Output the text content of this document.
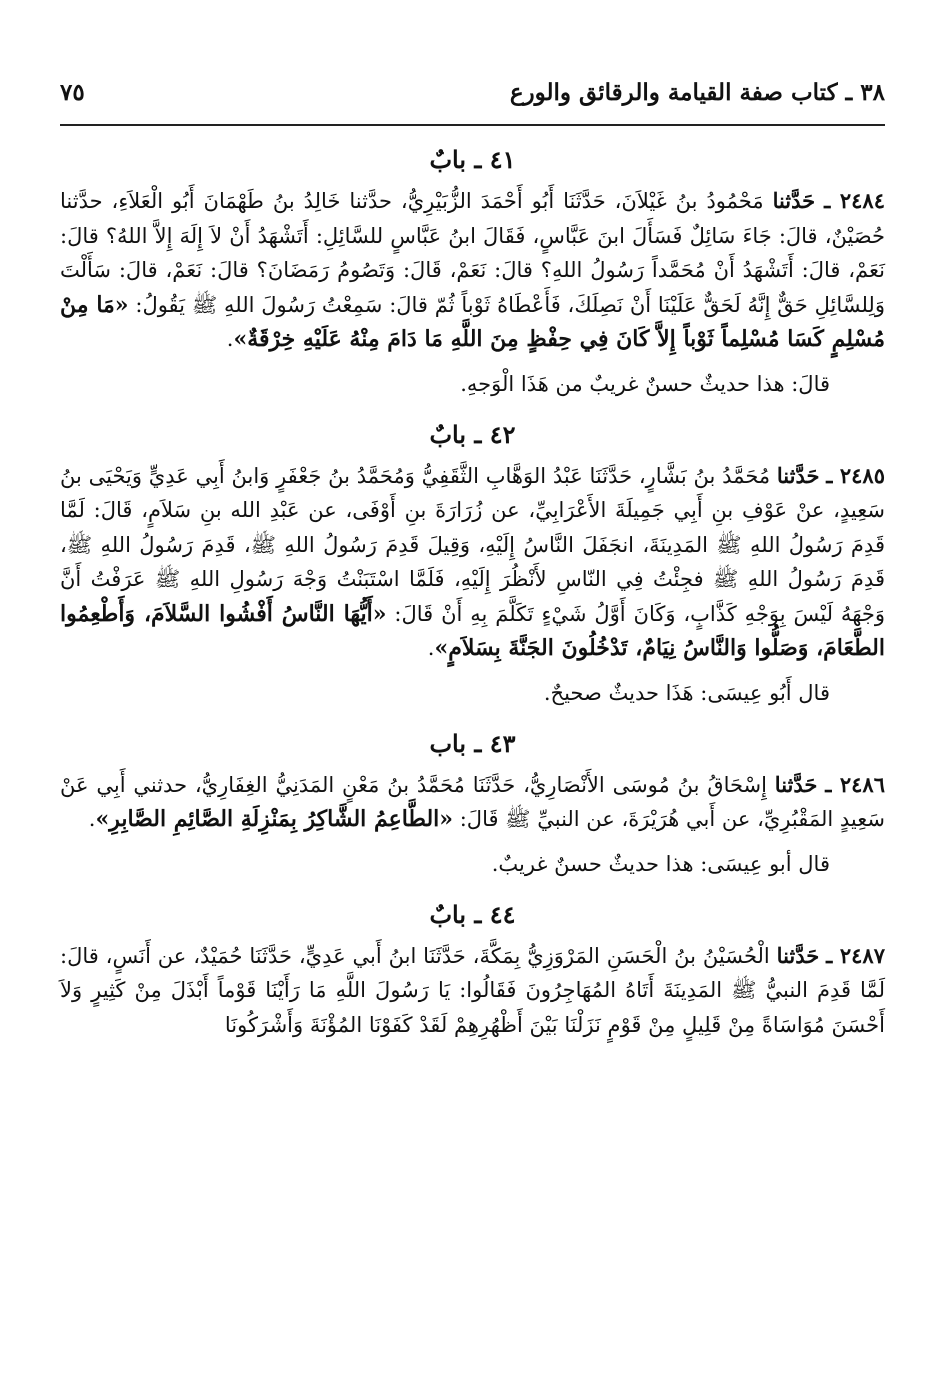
٣٨ ـ كتاب صفة القيامة والرقائق والورع
٧٥
٤١ ـ بابٌ

٢٤٨٤ ـ حَدَّثنا مَحْمُودُ بنُ غَيْلاَنَ، حَدَّثَنَا أَبُو أَحْمَدَ الزُّبَيْرِيُّ، حدَّثنا خَالِدُ بنُ طَهْمَانَ أَبُو الْعَلاَءِ، حدَّثنا حُصَيْنٌ، قالَ: جَاءَ سَائِلٌ فَسَأَلَ ابنَ عَبَّاسٍ، فَقَالَ ابنُ عَبَّاسٍ للسَّائِلِ: أَتَشْهَدُ أَنْ لاَ إِلَهَ إِلاَّ اللهُ؟ قالَ: نَعَمْ، قالَ: أَتَشْهَدُ أَنْ مُحَمَّداً رَسُولُ اللهِ؟ قالَ: نَعَمْ، قَالَ: وَتَصُومُ رَمَضَانَ؟ قالَ: نَعَمْ، قالَ: سَأَلْتَ وَلِلسَّائِلِ حَقٌّ إِنَّهُ لَحَقٌّ عَلَيْنَا أَنْ نَصِلَكَ، فَأَعْطَاهُ ثَوْباً ثُمّ قالَ: سَمِعْتُ رَسُولَ اللهِ ﷺ يَقُولُ: «مَا مِنْ مُسْلِمٍ كَسَا مُسْلِماً ثَوْباً إِلاَّ كَانَ فِي حِفْظٍ مِنَ اللَّهِ مَا دَامَ مِنْهُ عَلَيْهِ خِرْقَةٌ».

قالَ: هذا حديثٌ حسنٌ غريبٌ من هَذَا الْوَجهِ.
٤٢ ـ بابٌ

٢٤٨٥ ـ حَدَّثنا مُحَمَّدُ بنُ بَشَّارٍ، حَدَّثَنَا عَبْدُ الوَهَّابِ الثَّقَفِيُّ وَمُحَمَّدُ بنُ جَعْفَرٍ وَابنُ أَبِي عَدِيٍّ وَيَحْيَى بنُ سَعِيدٍ، عنْ عَوْفِ بنِ أَبِي جَمِيلَةَ الأَعْرَابِيِّ، عن زُرَارَةَ بنِ أَوْفَى، عن عَبْدِ الله بنِ سَلاَمٍ، قَالَ: لَمَّا قَدِمَ رَسُولُ اللهِ ﷺ المَدِينَةَ، انجَفَلَ النَّاسُ إِلَيْهِ، وَقِيلَ قَدِمَ رَسُولُ اللهِ ﷺ، قَدِمَ رَسُولُ اللهِ ﷺ، قَدِمَ رَسُولُ اللهِ ﷺ فجِئْتُ فِي النّاسِ لأَنْظُرَ إِلَيْهِ، فَلَمَّا اسْتَبَنْتُ وَجْهَ رَسُولِ اللهِ ﷺ عَرَفْتُ أَنَّ وَجْهَهُ لَيْسَ بِوَجْهِ كَذَّابٍ، وَكَانَ أَوَّلُ شَيْءٍ تَكَلَّمَ بِهِ أَنْ قَالَ: «أَيُّهَا النَّاسُ أَفْشُوا السَّلاَمَ، وَأَطْعِمُوا الطَّعَامَ، وَصَلُّوا وَالنَّاسُ نِيَامٌ، تَدْخُلُونَ الجَنَّةَ بِسَلاَمٍ».

قال أَبُو عِيسَى: هَذَا حديثٌ صحيحٌ.
٤٣ ـ باب

٢٤٨٦ ـ حَدَّثنا إِسْحَاقُ بنُ مُوسَى الأَنْصَارِيُّ، حَدَّثَنَا مُحَمَّدُ بنُ مَعْنٍ المَدَنِيُّ الغِفَارِيُّ، حدثني أَبِي عَنْ سَعِيدٍ المَقْبُرِيِّ، عن أَبي هُرَيْرَةَ، عن النبيِّ ﷺ قَالَ: «الطَّاعِمُ الشَّاكِرُ بِمَنْزِلَةِ الصَّائِمِ الصَّابِرِ».

قال أبو عِيسَى: هذا حديثٌ حسنٌ غريبٌ.
٤٤ ـ بابٌ

٢٤٨٧ ـ حَدَّثنا الْحُسَيْنُ بنُ الْحَسَنِ المَرْوَزِيُّ بِمَكَّةَ، حَدَّثَنَا ابنُ أَبي عَدِيٍّ، حَدَّثَنَا حُمَيْدٌ، عن أَنَسٍ، قالَ: لَمَّا قَدِمَ النبيُّ ﷺ المَدِينَةَ أَتَاهُ المُهَاجِرُونَ فَقَالُوا: يَا رَسُولَ اللَّهِ مَا رَأَيْنَا قَوْماً أَبْذَلَ مِنْ كَثِيرٍ وَلاَ أَحْسَنَ مُوَاسَاةً مِنْ قَلِيلٍ مِنْ قَوْمٍ نَزَلْنَا بَيْنَ أَظْهُرِهِمْ لَقَدْ كَفَوْنَا المُؤْنَةَ وَأَشْرَكُونَا
